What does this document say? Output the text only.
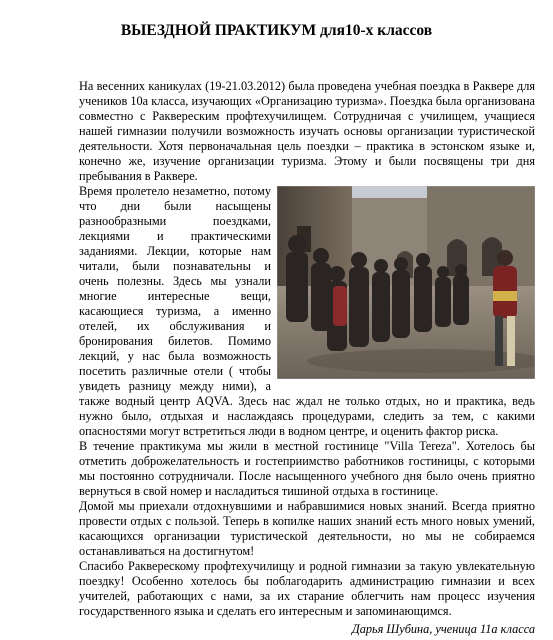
ВЫЕЗДНОЙ ПРАКТИКУМ для10-х классов

На весенних каникулах (19-21.03.2012) была проведена учебная поездка в Раквере для учеников 10а класса, изучающих «Организацию туризма». Поездка была организована совместно с Раквереским профтехучилищем. Сотрудничая с училищем, учащиеся нашей гимназии получили возможность изучать основы организации туристической деятельности. Хотя первоначальная цель поездки – практика в эстонском языке и, конечно же, изучение организации туризма. Этому и были посвящены три дня пребывания в Раквере.

Время пролетело незаметно, потому что дни были насыщены разнообразными поездками, лекциями и практическими заданиями. Лекции, которые нам читали, были познавательны и очень полезны. Здесь мы узнали многие интересные вещи, касающиеся туризма, а именно отелей, их обслуживания и бронирования билетов. Помимо лекций, у нас была возможность посетить различные отели ( чтобы увидеть разницу между ними), а также водный центр AQVA. Здесь нас ждал не только отдых, но и практика, ведь нужно было, отдыхая и наслаждаясь процедурами, следить за тем, с какими опасностями могут встретиться люди в водном центре, и оценить фактор риска.

В течение практикума мы жили в местной гостинице "Villa Tereza". Хотелось бы отметить доброжелательность и гостеприимство работников гостиницы, с которыми мы постоянно сотрудничали. После насыщенного учебного дня было очень приятно вернуться в свой номер и насладиться тишиной отдыха в гостинице.

Домой мы приехали отдохнувшими и набравшимися новых знаний. Всегда приятно провести отдых с пользой. Теперь в копилке наших знаний есть много новых умений, касающихся организации туристической деятельности, но мы не собираемся останавливаться на достигнутом!

Спасибо Раквереcкому профтехучилищу и родной гимназии за такую увлекательную поездку! Особенно хотелось бы поблагодарить администрацию гимназии и всех учителей, работающих с нами, за их старание облегчить нам процесс изучения государственного языка и сделать его интересным и запоминающимся.

Дарья Шубина, ученица 11а класса
